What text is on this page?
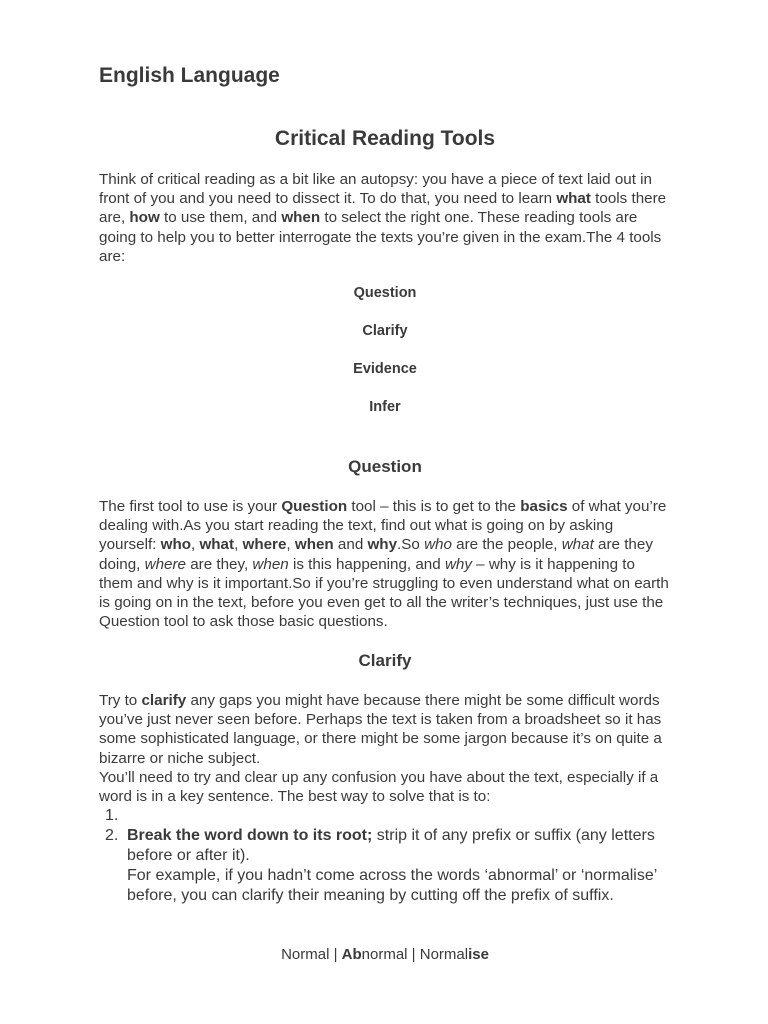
English Language
Critical Reading Tools

Think of critical reading as a bit like an autopsy: you have a piece of text laid out in front of you and you need to dissect it. To do that, you need to learn what tools there are, how to use them, and when to select the right one. These reading tools are going to help you to better interrogate the texts you’re given in the exam.The 4 tools are:

Question

Clarify

Evidence

Infer

Question

The first tool to use is your Question tool – this is to get to the basics of what you’re dealing with.As you start reading the text, find out what is going on by asking yourself: who, what, where, when and why.So who are the people, what are they doing, where are they, when is this happening, and why – why is it happening to them and why is it important.So if you’re struggling to even understand what on earth is going on in the text, before you even get to all the writer’s techniques, just use the Question tool to ask those basic questions.

Clarify

Try to clarify any gaps you might have because there might be some difficult words you’ve just never seen before. Perhaps the text is taken from a broadsheet so it has some sophisticated language, or there might be some jargon because it’s on quite a bizarre or niche subject.
You’ll need to try and clear up any confusion you have about the text, especially if a word is in a key sentence. The best way to solve that is to:

1.

2. Break the word down to its root; strip it of any prefix or suffix (any letters before or after it).
For example, if you hadn’t come across the words ‘abnormal’ or ‘normalise’ before, you can clarify their meaning by cutting off the prefix of suffix.

Normal | Abnormal | Normalise
